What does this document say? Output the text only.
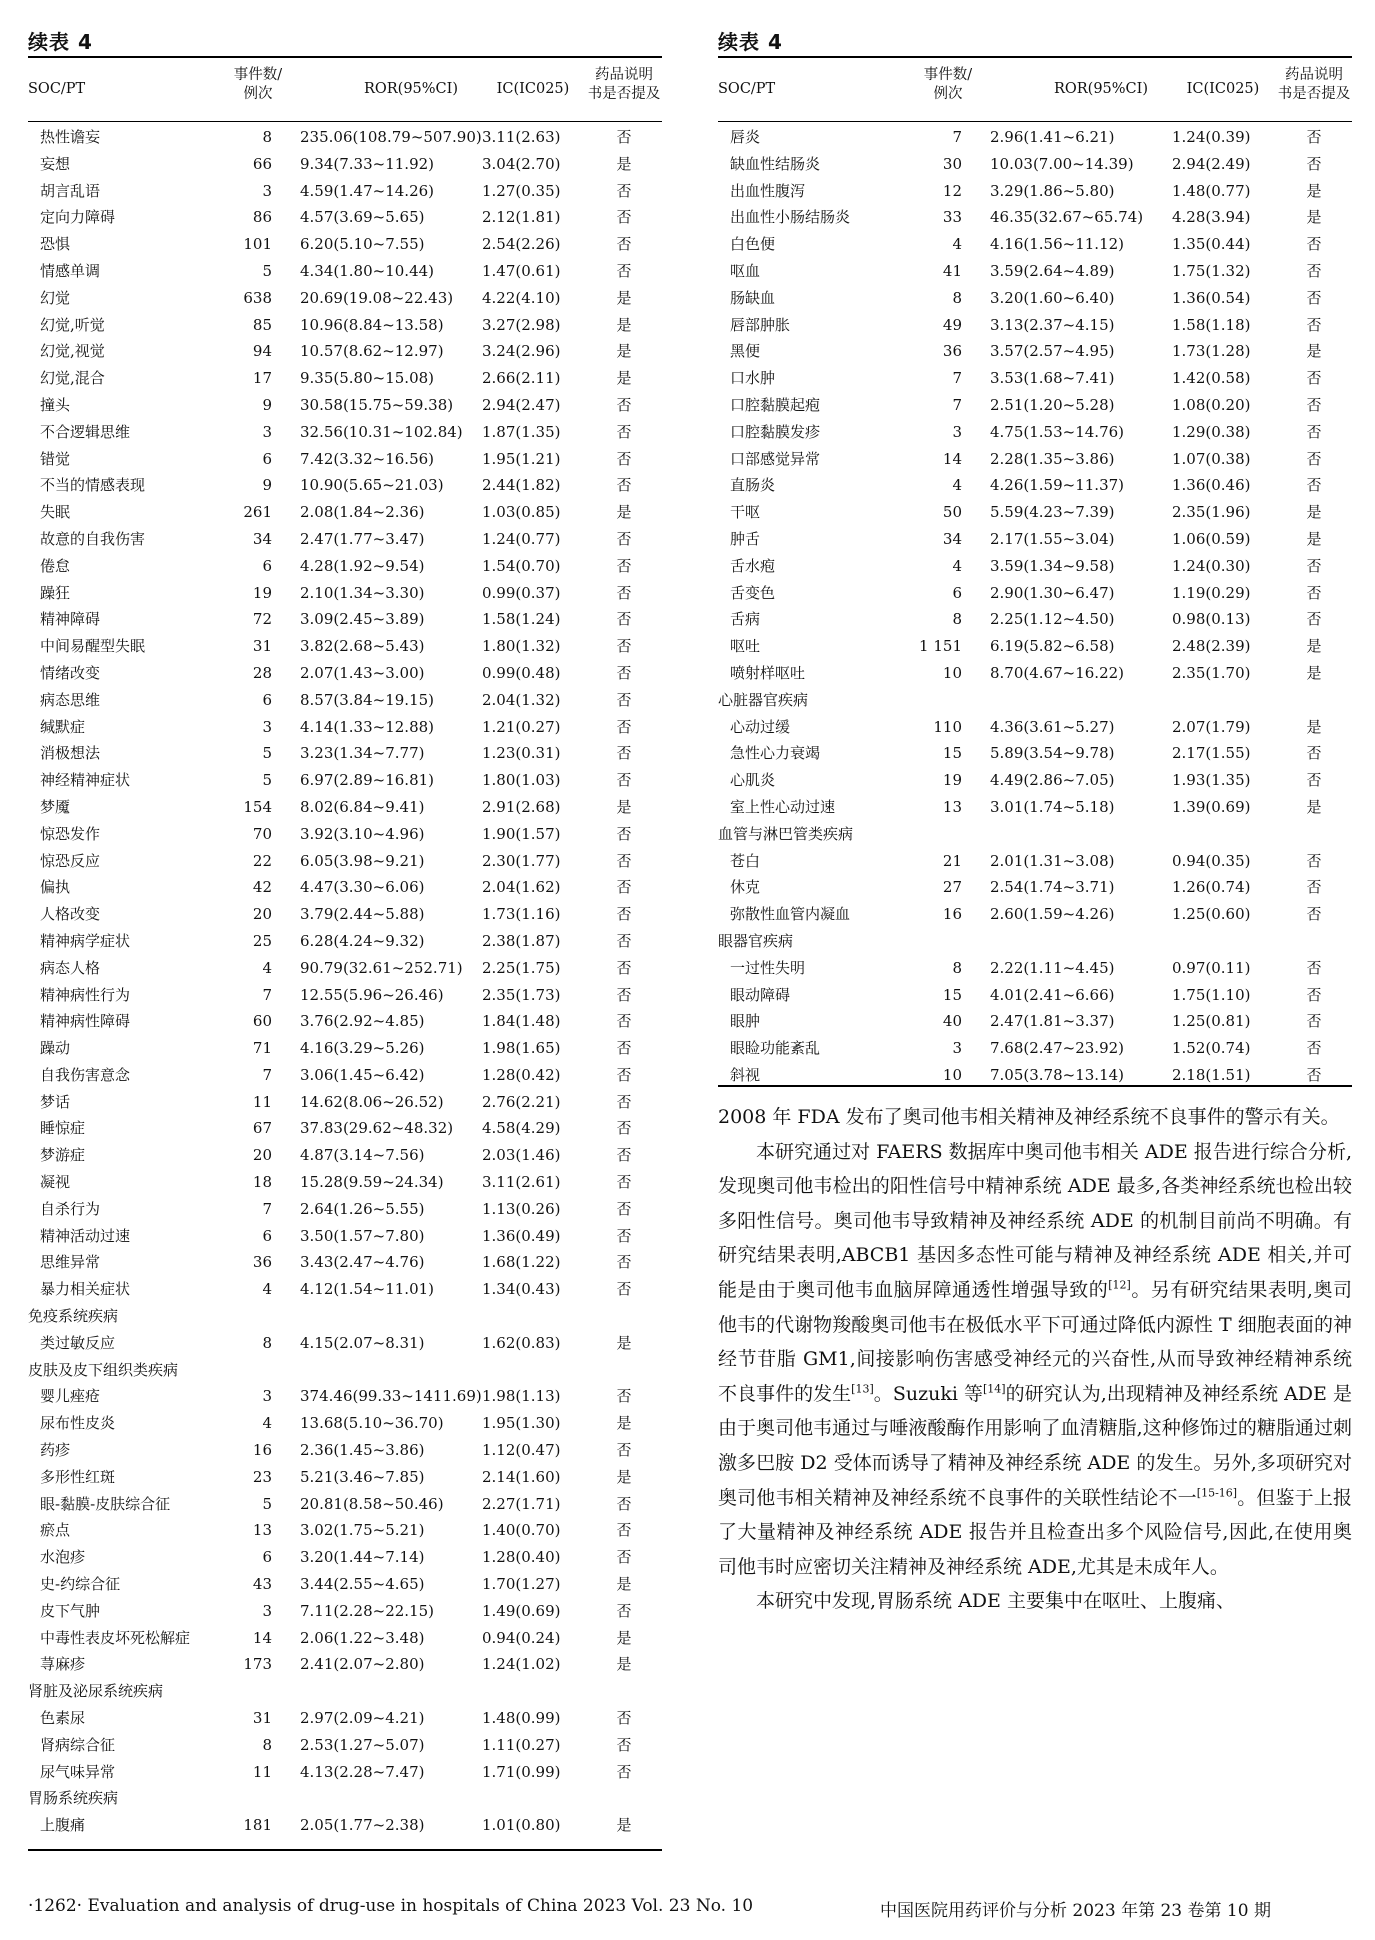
续表 4
SOC/PT
事件数/
例次	ROR(95%CI)	IC(IC025)
药品说明
书是否提及
热性谵妄	8 235.06(108.79~507.90) 3.11(2.63)	否
妄想	66 9.34(7.33~11.92)	3.04(2.70)	是
胡言乱语	3 4.59(1.47~14.26)	1.27(0.35)	否
定向力障碍	86 4.57(3.69~5.65)	2.12(1.81)	否
恐惧	101 6.20(5.10~7.55)	2.54(2.26)	否
情感单调	5 4.34(1.80~10.44)	1.47(0.61)	否
幻觉	638 20.69(19.08~22.43)	4.22(4.10)	是
幻觉,听觉	85 10.96(8.84~13.58)	3.27(2.98)	是
幻觉,视觉	94 10.57(8.62~12.97)	3.24(2.96)	是
幻觉,混合	17 9.35(5.80~15.08)	2.66(2.11)	是
撞头	9 30.58(15.75~59.38)	2.94(2.47)	否
不合逻辑思维	3 32.56(10.31~102.84)	1.87(1.35)	否
错觉	6 7.42(3.32~16.56)	1.95(1.21)	否
不当的情感表现	9 10.90(5.65~21.03)	2.44(1.82)	否
失眠	261 2.08(1.84~2.36)	1.03(0.85)	是
故意的自我伤害	34 2.47(1.77~3.47)	1.24(0.77)	否
倦怠	6 4.28(1.92~9.54)	1.54(0.70)	否
躁狂	19 2.10(1.34~3.30)	0.99(0.37)	否
精神障碍	72 3.09(2.45~3.89)	1.58(1.24)	否
中间易醒型失眠	31 3.82(2.68~5.43)	1.80(1.32)	否
情绪改变	28 2.07(1.43~3.00)	0.99(0.48)	否
病态思维	6 8.57(3.84~19.15)	2.04(1.32)	否
缄默症	3 4.14(1.33~12.88)	1.21(0.27)	否
消极想法	5 3.23(1.34~7.77)	1.23(0.31)	否
神经精神症状	5 6.97(2.89~16.81)	1.80(1.03)	否
梦魇	154 8.02(6.84~9.41)	2.91(2.68)	是
惊恐发作	70 3.92(3.10~4.96)	1.90(1.57)	否
惊恐反应	22 6.05(3.98~9.21)	2.30(1.77)	否
偏执	42 4.47(3.30~6.06)	2.04(1.62)	否
人格改变	20 3.79(2.44~5.88)	1.73(1.16)	否
精神病学症状	25 6.28(4.24~9.32)	2.38(1.87)	否
病态人格	4 90.79(32.61~252.71)	2.25(1.75)	否
精神病性行为	7 12.55(5.96~26.46)	2.35(1.73)	否
精神病性障碍	60 3.76(2.92~4.85)	1.84(1.48)	否
躁动	71 4.16(3.29~5.26)	1.98(1.65)	否
自我伤害意念	7 3.06(1.45~6.42)	1.28(0.42)	否
梦话	11 14.62(8.06~26.52)	2.76(2.21)	否
睡惊症	67 37.83(29.62~48.32)	4.58(4.29)	否
梦游症	20 4.87(3.14~7.56)	2.03(1.46)	否
凝视	18 15.28(9.59~24.34)	3.11(2.61)	否
自杀行为	7 2.64(1.26~5.55)	1.13(0.26)	否
精神活动过速	6 3.50(1.57~7.80)	1.36(0.49)	否
思维异常	36 3.43(2.47~4.76)	1.68(1.22)	否
暴力相关症状	4 4.12(1.54~11.01)	1.34(0.43)	否
免疫系统疾病
类过敏反应	8 4.15(2.07~8.31)	1.62(0.83)	是
皮肤及皮下组织类疾病
婴儿痤疮	3 374.46(99.33~1411.69) 1.98(1.13)	否
尿布性皮炎	4 13.68(5.10~36.70)	1.95(1.30)	是
药疹	16 2.36(1.45~3.86)	1.12(0.47)	否
多形性红斑	23 5.21(3.46~7.85)	2.14(1.60)	是
眼-黏膜-皮肤综合征	5 20.81(8.58~50.46)	2.27(1.71)	否
瘀点	13 3.02(1.75~5.21)	1.40(0.70)	否
水泡疹	6 3.20(1.44~7.14)	1.28(0.40)	否
史-约综合征	43 3.44(2.55~4.65)	1.70(1.27)	是
皮下气肿	3 7.11(2.28~22.15)	1.49(0.69)	否
中毒性表皮坏死松解症	14 2.06(1.22~3.48)	0.94(0.24)	是
荨麻疹	173 2.41(2.07~2.80)	1.24(1.02)	是
肾脏及泌尿系统疾病
色素尿	31 2.97(2.09~4.21)	1.48(0.99)	否
肾病综合征	8 2.53(1.27~5.07)	1.11(0.27)	否
尿气味异常	11 4.13(2.28~7.47)	1.71(0.99)	否
胃肠系统疾病
上腹痛	181 2.05(1.77~2.38)	1.01(0.80)	是
续表 4
SOC/PT
事件数/
例次	ROR(95%CI)	IC(IC025)
药品说明
书是否提及
唇炎	7 2.96(1.41~6.21)	1.24(0.39)	否
缺血性结肠炎	30 10.03(7.00~14.39)	2.94(2.49)	否
出血性腹泻	12 3.29(1.86~5.80)	1.48(0.77)	是
出血性小肠结肠炎	33 46.35(32.67~65.74)	4.28(3.94)	是
白色便	4 4.16(1.56~11.12)	1.35(0.44)	否
呕血	41 3.59(2.64~4.89)	1.75(1.32)	否
肠缺血	8 3.20(1.60~6.40)	1.36(0.54)	否
唇部肿胀	49 3.13(2.37~4.15)	1.58(1.18)	否
黑便	36 3.57(2.57~4.95)	1.73(1.28)	是
口水肿	7 3.53(1.68~7.41)	1.42(0.58)	否
口腔黏膜起疱	7 2.51(1.20~5.28)	1.08(0.20)	否
口腔黏膜发疹	3 4.75(1.53~14.76)	1.29(0.38)	否
口部感觉异常	14 2.28(1.35~3.86)	1.07(0.38)	否
直肠炎	4 4.26(1.59~11.37)	1.36(0.46)	否
干呕	50 5.59(4.23~7.39)	2.35(1.96)	是
肿舌	34 2.17(1.55~3.04)	1.06(0.59)	是
舌水疱	4 3.59(1.34~9.58)	1.24(0.30)	否
舌变色	6 2.90(1.30~6.47)	1.19(0.29)	否
舌病	8 2.25(1.12~4.50)	0.98(0.13)	否
呕吐	1 151 6.19(5.82~6.58)	2.48(2.39)	是
喷射样呕吐	10 8.70(4.67~16.22)	2.35(1.70)	是
心脏器官疾病
心动过缓	110 4.36(3.61~5.27)	2.07(1.79)	是
急性心力衰竭	15 5.89(3.54~9.78)	2.17(1.55)	否
心肌炎	19 4.49(2.86~7.05)	1.93(1.35)	否
室上性心动过速	13 3.01(1.74~5.18)	1.39(0.69)	是
血管与淋巴管类疾病
苍白	21 2.01(1.31~3.08)	0.94(0.35)	否
休克	27 2.54(1.74~3.71)	1.26(0.74)	否
弥散性血管内凝血	16 2.60(1.59~4.26)	1.25(0.60)	否
眼器官疾病
一过性失明	8 2.22(1.11~4.45)	0.97(0.11)	否
眼动障碍	15 4.01(2.41~6.66)	1.75(1.10)	否
眼肿	40 2.47(1.81~3.37)	1.25(0.81)	否
眼睑功能紊乱	3 7.68(2.47~23.92)	1.52(0.74)	否
斜视	10 7.05(3.78~13.14)	2.18(1.51)	否

2008 年 FDA 发布了奥司他韦相关精神及神经系统不良事件的警示有关。

本研究通过对 FAERS 数据库中奥司他韦相关 ADE 报告进行综合分析,发现奥司他韦检出的阳性信号中精神系统 ADE 最多,各类神经系统也检出较多阳性信号。奥司他韦导致精神及神经系统 ADE 的机制目前尚不明确。有研究结果表明,ABCB1 基因多态性可能与精神及神经系统 ADE 相关,并可能是由于奥司他韦血脑屏障通透性增强导致的[12]。另有研究结果表明,奥司他韦的代谢物羧酸奥司他韦在极低水平下可通过降低内源性 T 细胞表面的神经节苷脂 GM1,间接影响伤害感受神经元的兴奋性,从而导致神经精神系统不良事件的发生[13]。Suzuki 等[14]的研究认为,出现精神及神经系统 ADE 是由于奥司他韦通过与唾液酸酶作用影响了血清糖脂,这种修饰过的糖脂通过刺激多巴胺 D2 受体而诱导了精神及神经系统 ADE 的发生。另外,多项研究对奥司他韦相关精神及神经系统不良事件的关联性结论不一[15-16]。但鉴于上报了大量精神及神经系统 ADE 报告并且检查出多个风险信号,因此,在使用奥司他韦时应密切关注精神及神经系统 ADE,尤其是未成年人。

本研究中发现,胃肠系统 ADE 主要集中在呕吐、上腹痛、

·1262· Evaluation and analysis of drug-use in hospitals of China 2023 Vol. 23 No. 10	中国医院用药评价与分析 2023 年第 23 卷第 10 期
